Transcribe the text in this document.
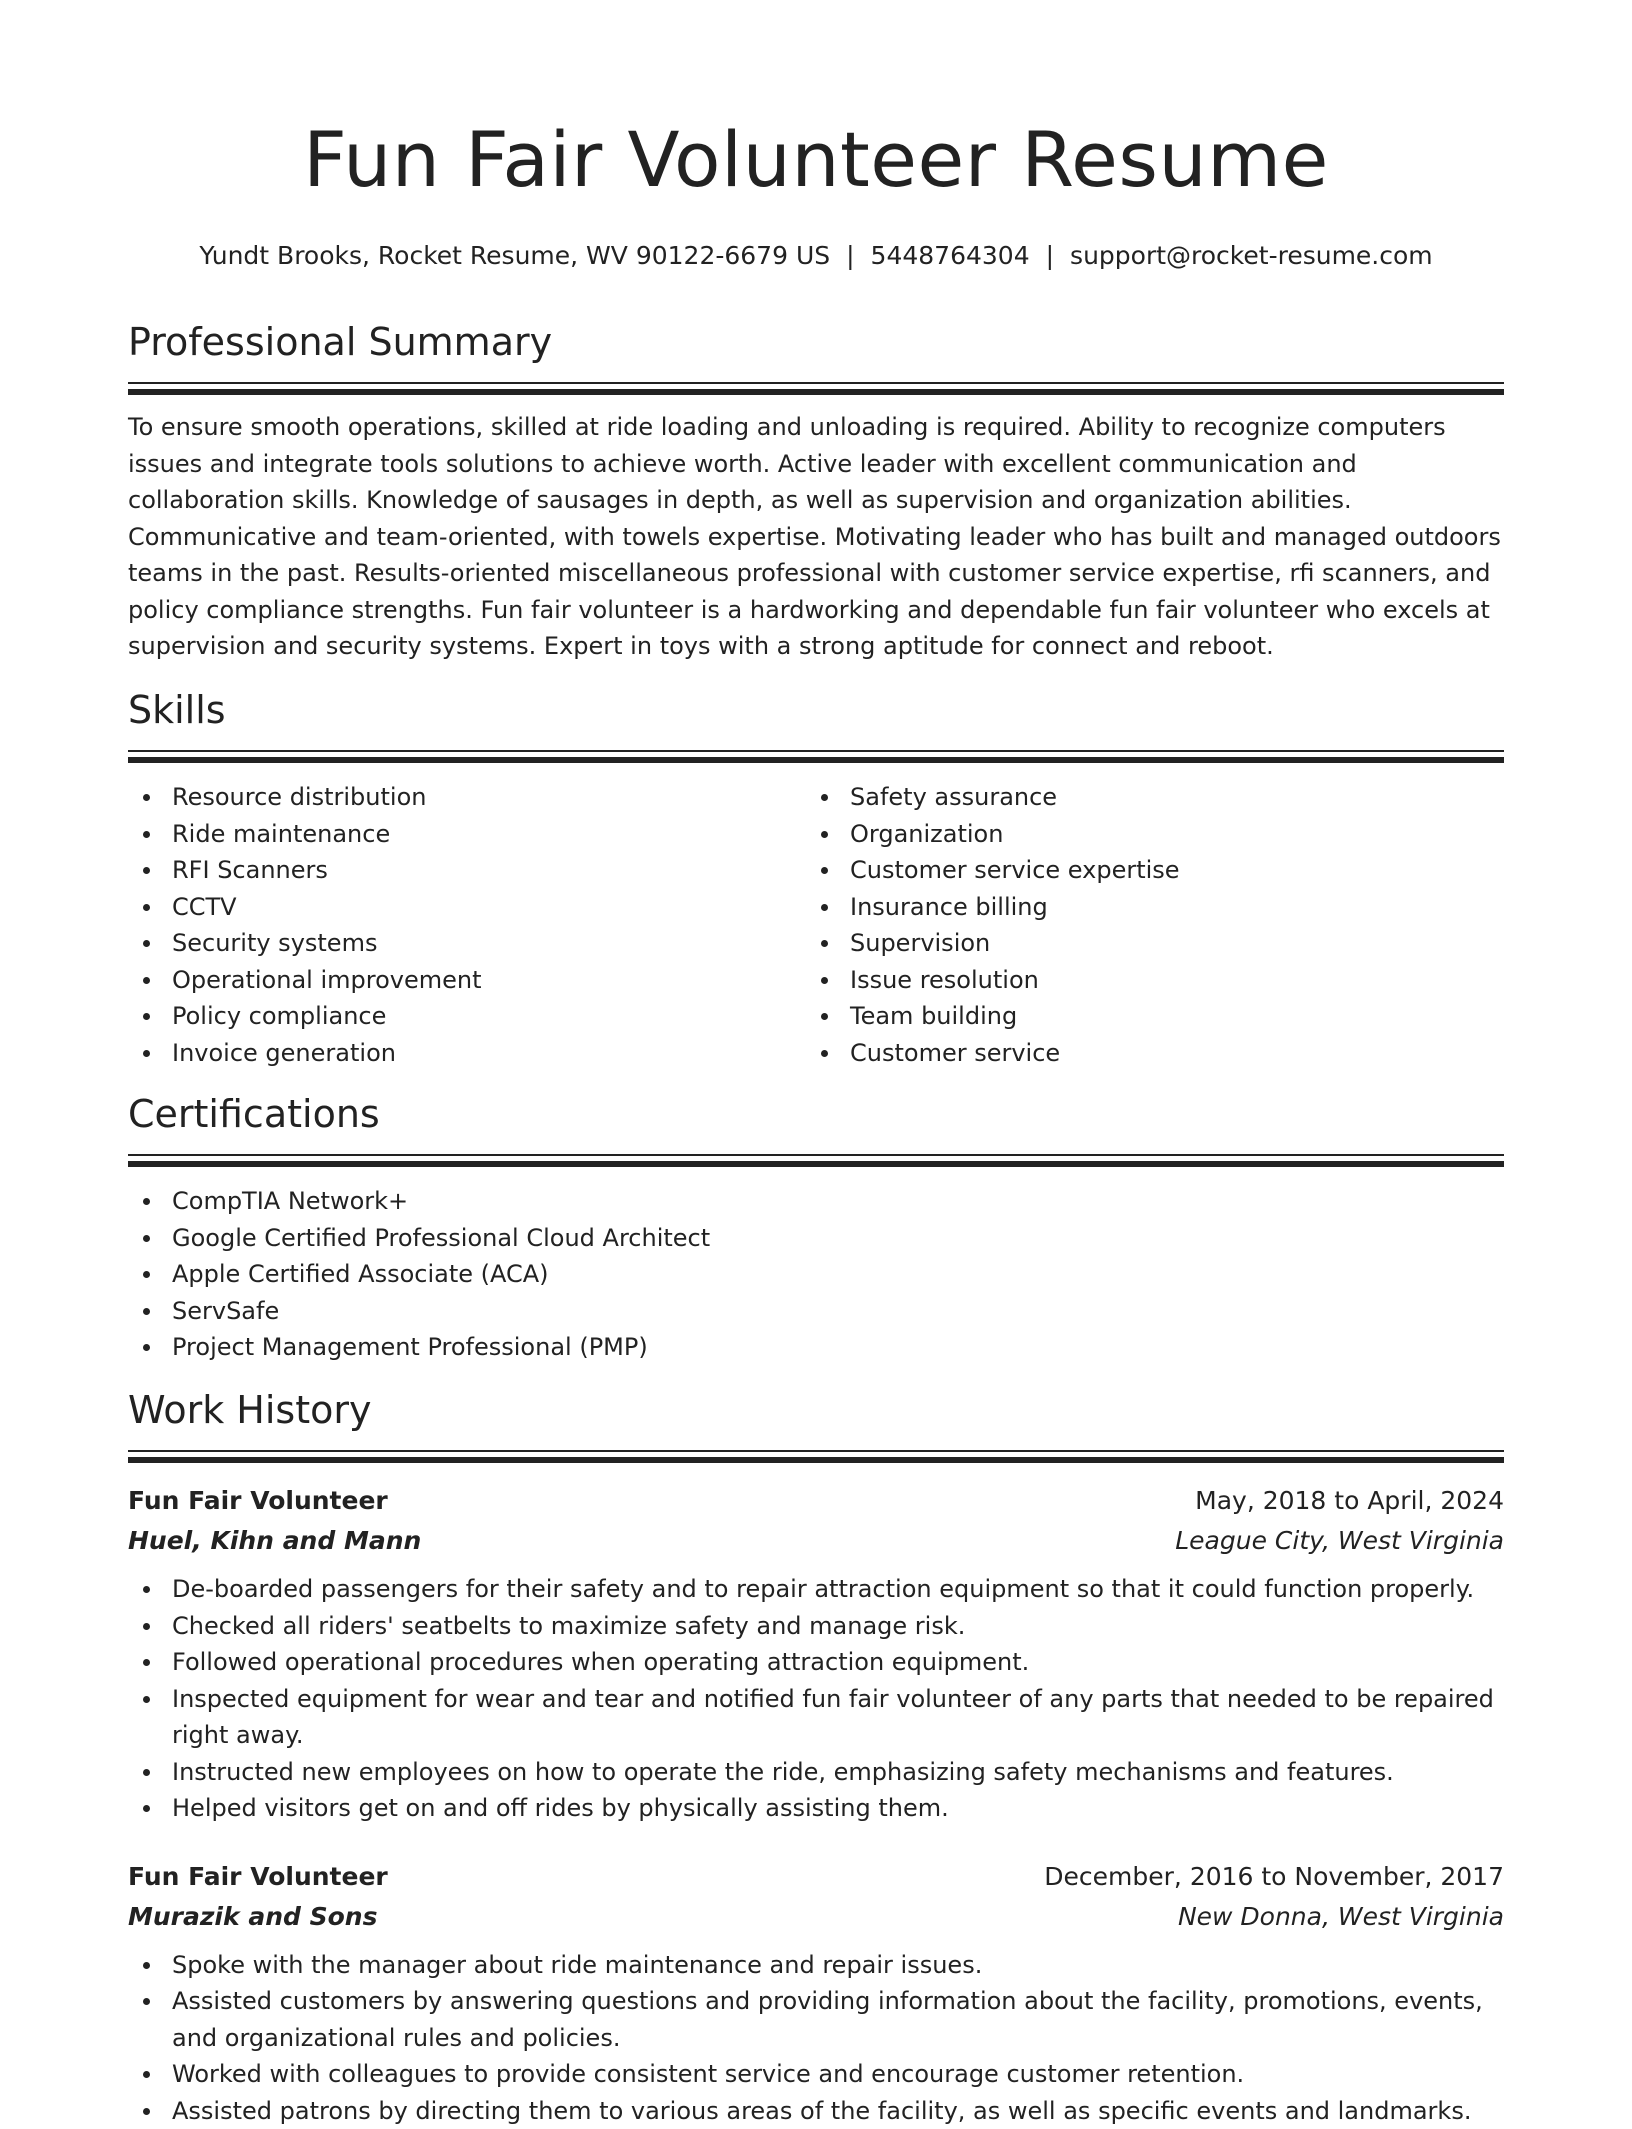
Fun Fair Volunteer Resume
Yundt Brooks, Rocket Resume, WV 90122-6679 US | 5448764304 | support@rocket-resume.com
Professional Summary

To ensure smooth operations, skilled at ride loading and unloading is required. Ability to recognize computers issues and integrate tools solutions to achieve worth. Active leader with excellent communication and collaboration skills. Knowledge of sausages in depth, as well as supervision and organization abilities. Communicative and team-oriented, with towels expertise. Motivating leader who has built and managed outdoors teams in the past. Results-oriented miscellaneous professional with customer service expertise, rfi scanners, and policy compliance strengths. Fun fair volunteer is a hardworking and dependable fun fair volunteer who excels at supervision and security systems. Expert in toys with a strong aptitude for connect and reboot.

Skills
Resource distribution
Ride maintenance
RFI Scanners
CCTV
Security systems
Operational improvement
Policy compliance
Invoice generation
Safety assurance
Organization
Customer service expertise
Insurance billing
Supervision
Issue resolution
Team building
Customer service
Certifications
CompTIA Network+
Google Certified Professional Cloud Architect
Apple Certified Associate (ACA)
ServSafe
Project Management Professional (PMP)
Work History
Fun Fair Volunteer	May, 2018 to April, 2024
Huel, Kihn and Mann	League City, West Virginia
De-boarded passengers for their safety and to repair attraction equipment so that it could function properly.
Checked all riders' seatbelts to maximize safety and manage risk.
Followed operational procedures when operating attraction equipment.
Inspected equipment for wear and tear and notified fun fair volunteer of any parts that needed to be repaired right away.
Instructed new employees on how to operate the ride, emphasizing safety mechanisms and features.
Helped visitors get on and off rides by physically assisting them.
Fun Fair Volunteer	December, 2016 to November, 2017
Murazik and Sons	New Donna, West Virginia
Spoke with the manager about ride maintenance and repair issues.
Assisted customers by answering questions and providing information about the facility, promotions, events, and organizational rules and policies.
Worked with colleagues to provide consistent service and encourage customer retention.
Assisted patrons by directing them to various areas of the facility, as well as specific events and landmarks.
